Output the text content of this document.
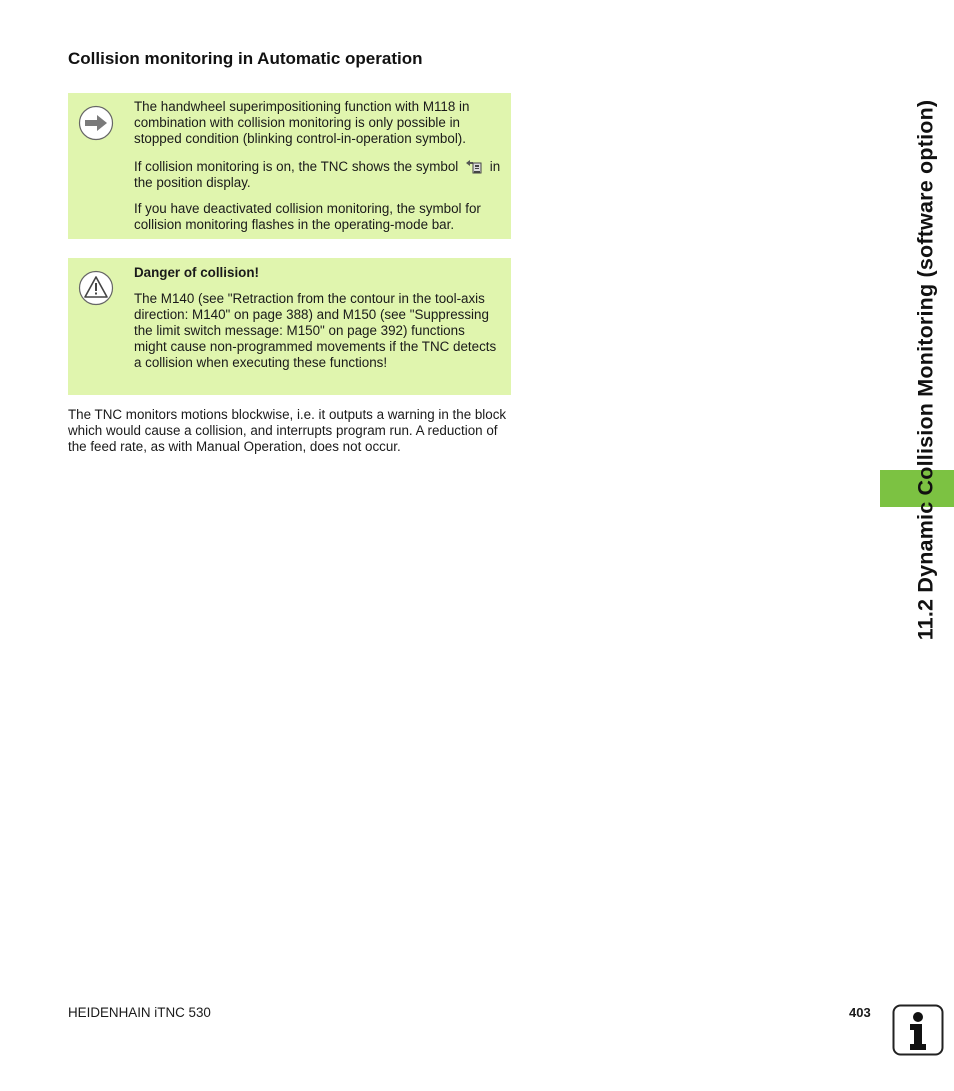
Collision monitoring in Automatic operation

The handwheel superimpositioning function with M118 in combination with collision monitoring is only possible in stopped condition (blinking control-in-operation symbol).

If collision monitoring is on, the TNC shows the symbol in the position display.

If you have deactivated collision monitoring, the symbol for collision monitoring flashes in the operating-mode bar.

Danger of collision!

The M140 (see "Retraction from the contour in the tool-axis direction: M140" on page 388) and M150 (see "Suppressing the limit switch message: M150" on page 392) functions might cause non-programmed movements if the TNC detects a collision when executing these functions!

The TNC monitors motions blockwise, i.e. it outputs a warning in the block which would cause a collision, and interrupts program run. A reduction of the feed rate, as with Manual Operation, does not occur.	11.2 Dynamic Collision Monitoring (software option)
HEIDENHAIN iTNC 530	403
